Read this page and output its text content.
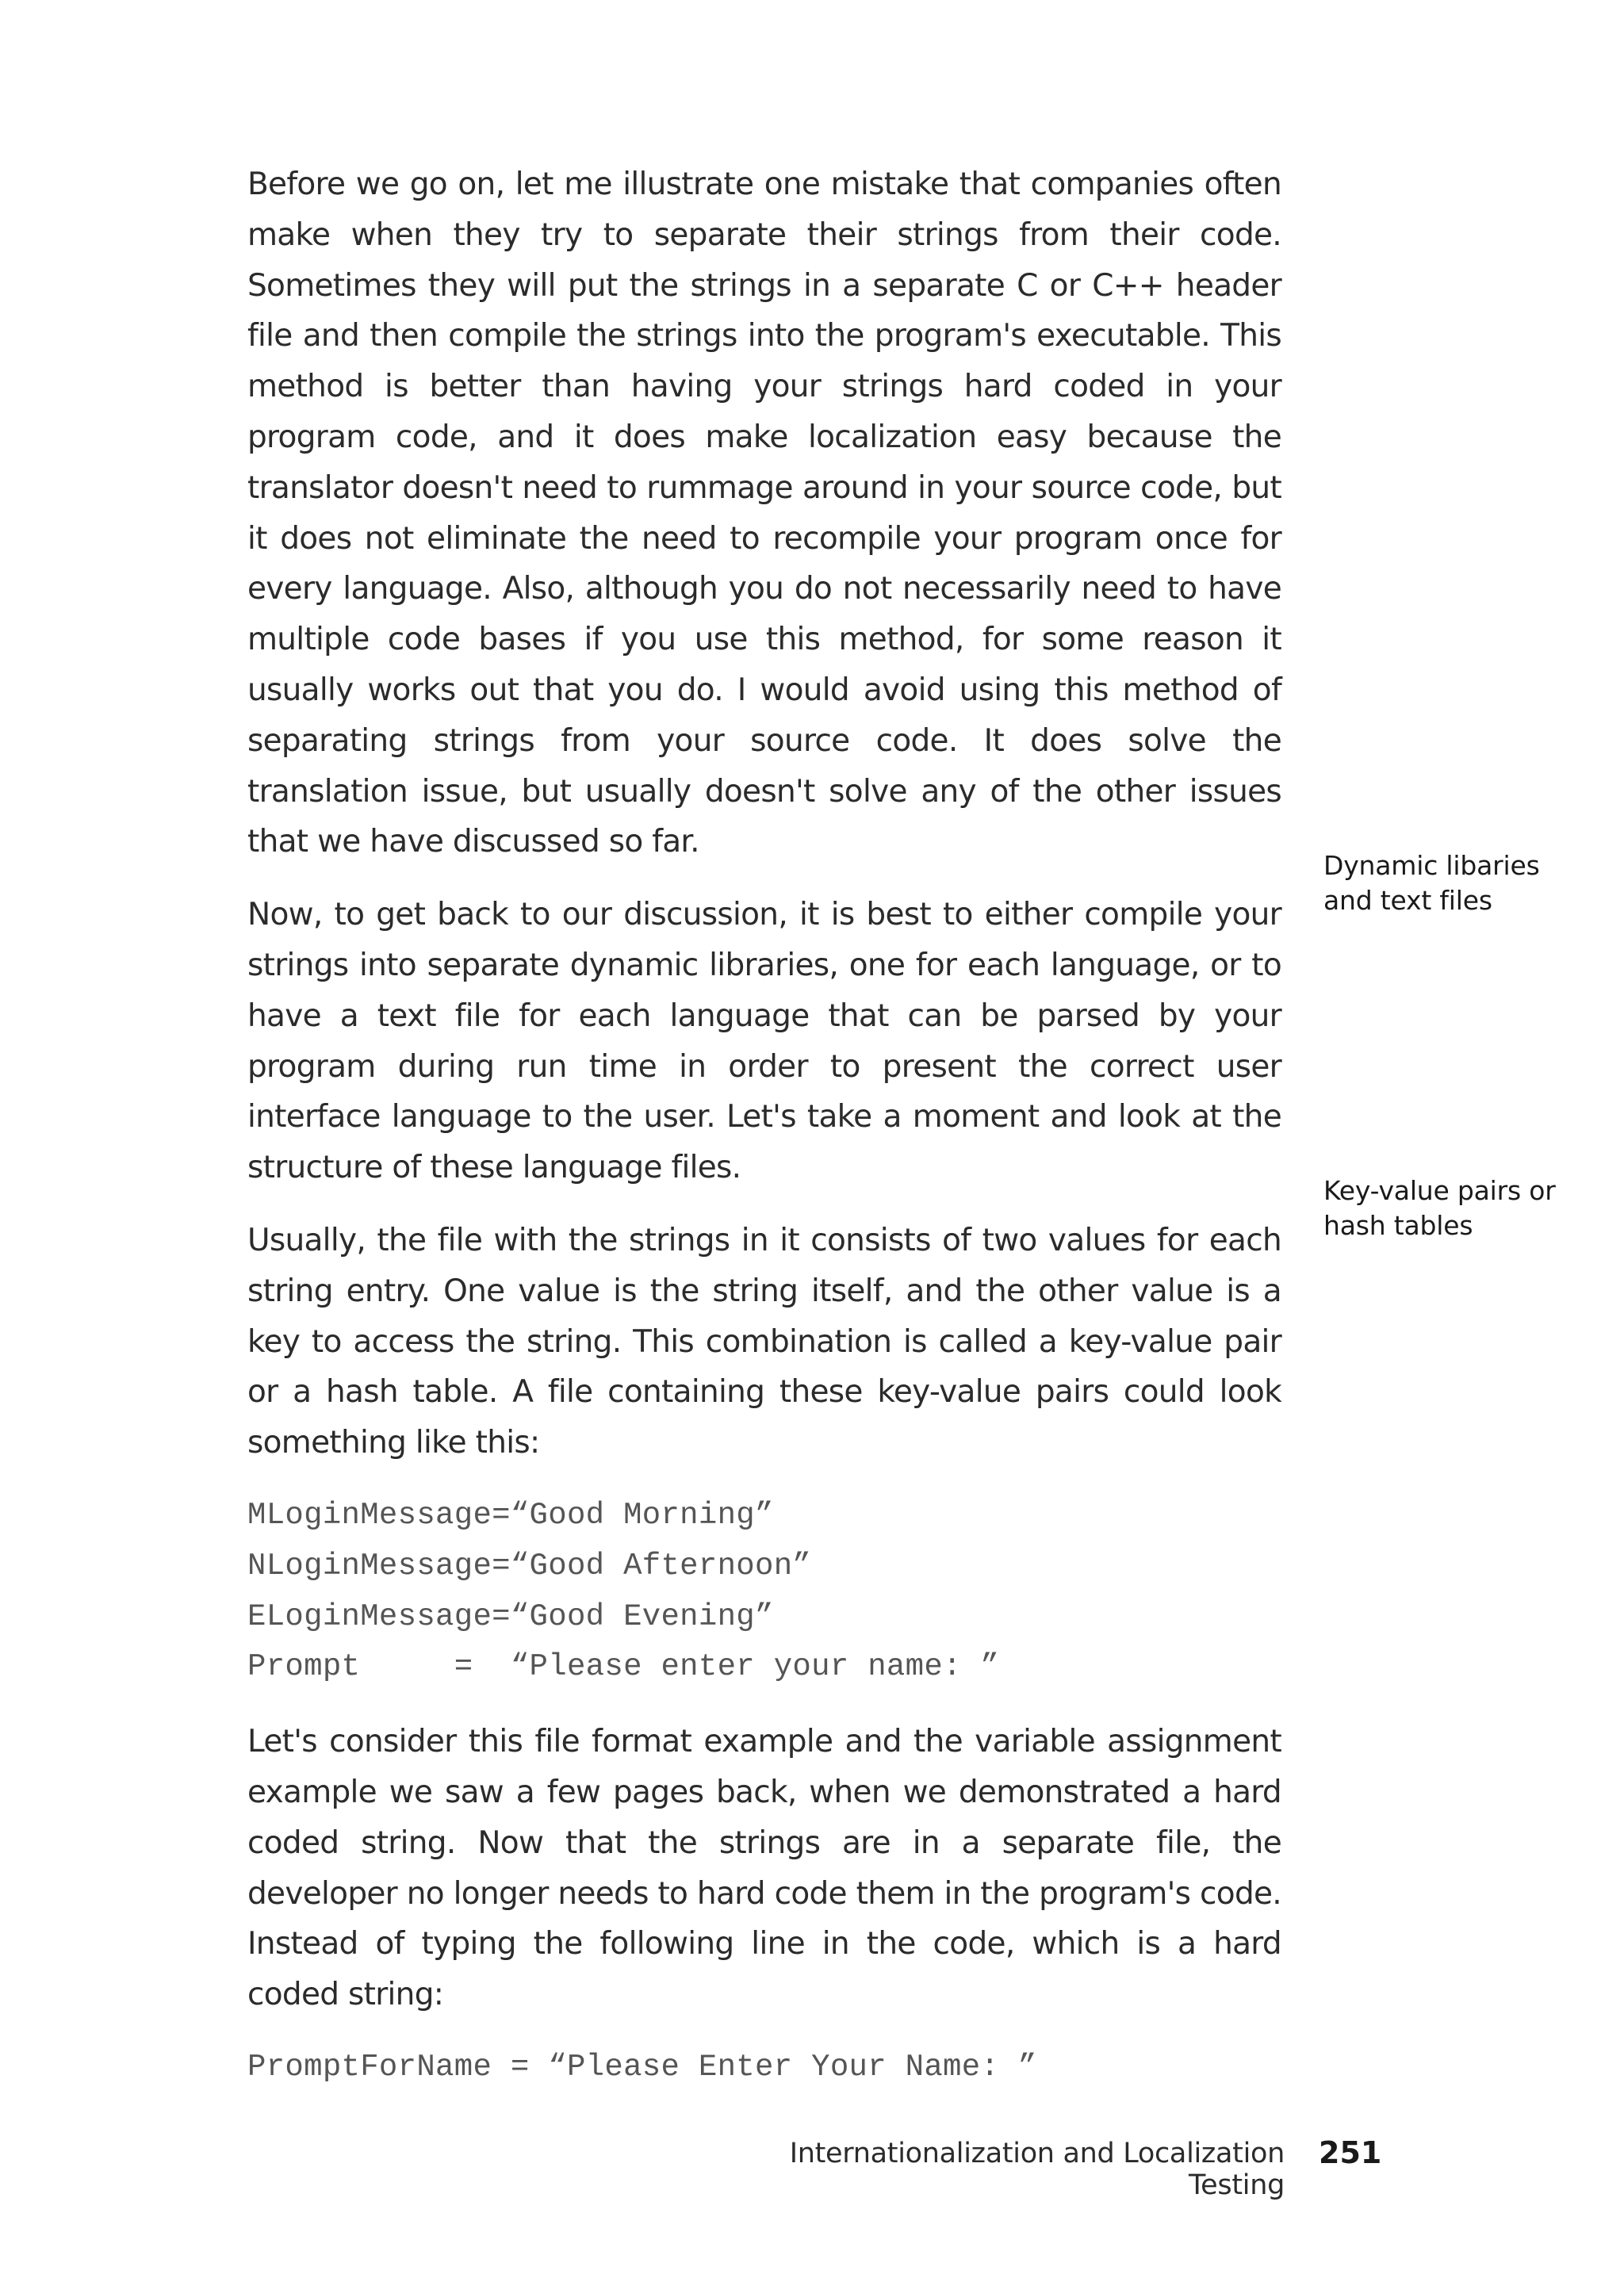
Before we go on, let me illustrate one mistake that companies often make when they try to separate their strings from their code. Sometimes they will put the strings in a separate C or C++ header file and then compile the strings into the program's executable. This method is better than having your strings hard coded in your program code, and it does make localization easy because the translator doesn't need to rummage around in your source code, but it does not eliminate the need to recompile your program once for every language. Also, although you do not necessarily need to have multiple code bases if you use this method, for some reason it usually works out that you do. I would avoid using this method of separating strings from your source code. It does solve the translation issue, but usually doesn't solve any of the other issues that we have discussed so far.

Now, to get back to our discussion, it is best to either compile your strings into separate dynamic libraries, one for each language, or to have a text file for each language that can be parsed by your program during run time in order to present the correct user interface language to the user. Let's take a moment and look at the structure of these language files.

Usually, the file with the strings in it consists of two values for each string entry. One value is the string itself, and the other value is a key to access the string. This combination is called a key-value pair or a hash table. A file containing these key-value pairs could look something like this:

MLoginMessage=“Good Morning”
NLoginMessage=“Good Afternoon”
ELoginMessage=“Good Evening”
Prompt     =  “Please enter your name: ”

Let's consider this file format example and the variable assignment example we saw a few pages back, when we demonstrated a hard coded string. Now that the strings are in a separate file, the developer no longer needs to hard code them in the program's code. Instead of typing the following line in the code, which is a hard coded string:

PromptForName = “Please Enter Your Name: ”
Dynamic libaries and text files
Key-value pairs or hash tables
Internationalization and Localization Testing
251
